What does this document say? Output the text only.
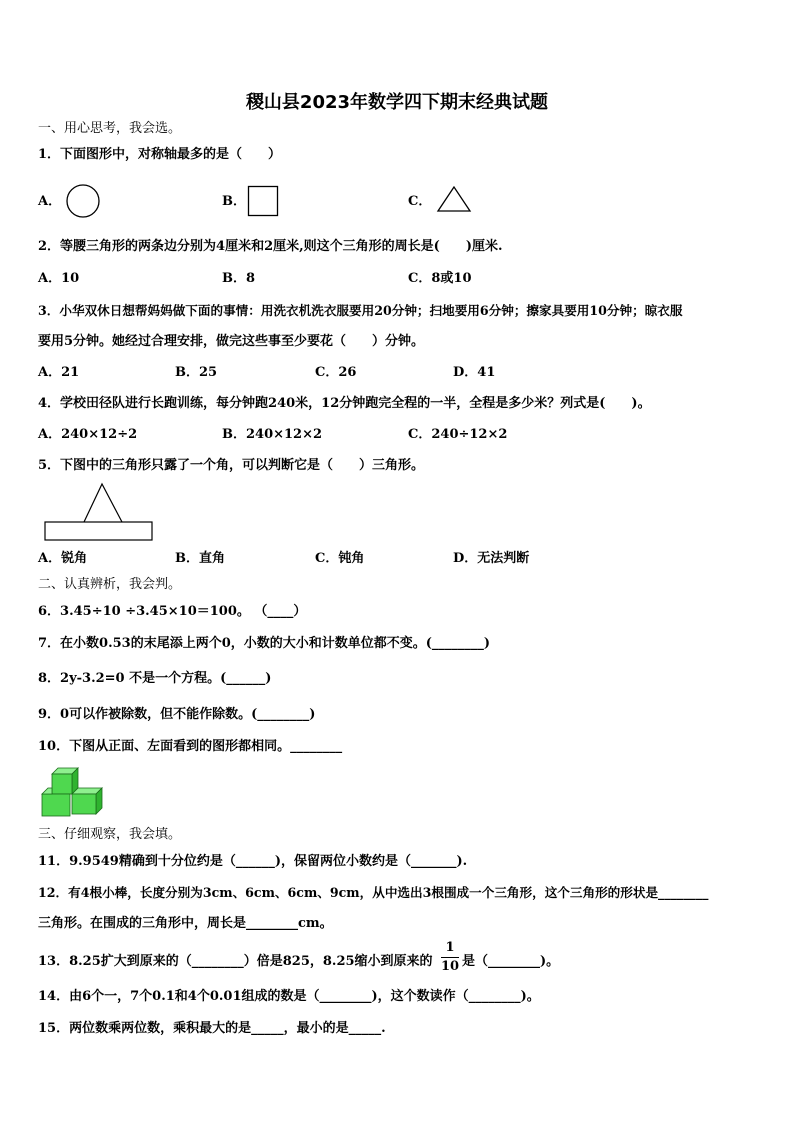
稷山县2023年数学四下期末经典试题
一、用心思考，我会选。
1．下面图形中，对称轴最多的是（　　）
A．	B．	C．
2．等腰三角形的两条边分别为4厘米和2厘米,则这个三角形的周长是(　　)厘米.
A．10	B．8	C．8或10
3．小华双休日想帮妈妈做下面的事情：用洗衣机洗衣服要用20分钟；扫地要用6分钟；擦家具要用10分钟；晾衣服
要用5分钟。她经过合理安排，做完这些事至少要花（　　）分钟。
A．21	B．25	C．26	D．41
4．学校田径队进行长跑训练，每分钟跑240米，12分钟跑完全程的一半，全程是多少米？列式是(　　)。
A．240×12÷2	B．240×12×2	C．240÷12×2
5．下图中的三角形只露了一个角，可以判断它是（　　）三角形。
A．锐角	B．直角	C．钝角	D．无法判断
二、认真辨析，我会判。
6．3.45÷10 ÷3.45×10＝100。 （____）
7．在小数0.53的末尾添上两个0，小数的大小和计数单位都不变。(________)
8．2y-3.2=0 不是一个方程。(______)
9．0可以作被除数，但不能作除数。(________)
10．下图从正面、左面看到的图形都相同。________
三、仔细观察，我会填。
11．9.9549精确到十分位约是（______)，保留两位小数约是（_______).
12．有4根小棒，长度分别为3cm、6cm、6cm、9cm，从中选出3根围成一个三角形，这个三角形的形状是________
三角形。在围成的三角形中，周长是________cm。
13．8.25扩大到原来的（________）倍是825，8.25缩小到原来的
1
10 是（________)。
14．由6个一，7个0.1和4个0.01组成的数是（________)，这个数读作（________)。
15．两位数乘两位数，乘积最大的是_____，最小的是_____.
